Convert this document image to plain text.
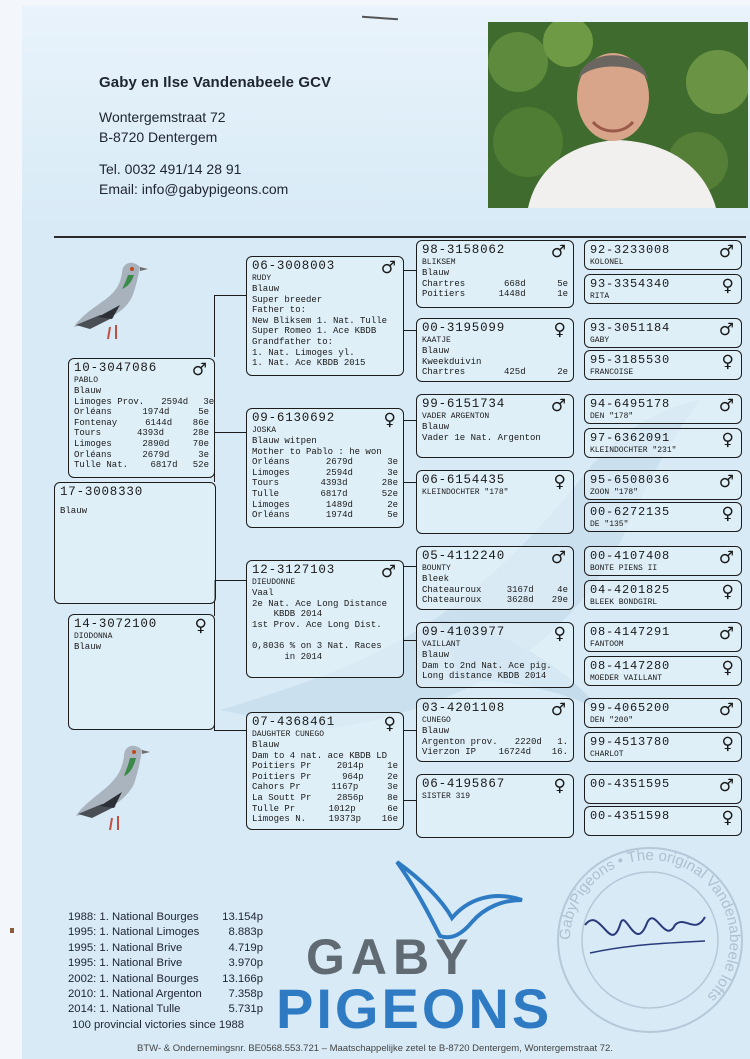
Gaby en Ilse Vandenabeele GCV
Wontergemstraat 72
B-8720 Dentergem
Tel. 0032 491/14 28 91
Email: info@gabypigeons.com
10-3047086	♂
PABLO
Blauw
Limoges Prov.	2594d	3e
Orléans	1974d	5e
Fontenay	6144d	86e
Tours	4393d	28e
Limoges	2890d	70e
Orléans	2679d	3e
Tulle Nat.	6817d	52e
17-3008330
Blauw
14-3072100	♀
DIODONNA
Blauw
06-3008003	♂
RUDY
Blauw
Super breeder
Father to:
New Bliksem 1. Nat. Tulle
Super Romeo 1. Ace KBDB
Grandfather to:
1. Nat. Limoges yl.
1. Nat. Ace KBDB 2015
09-6130692	♀
JOSKA
Blauw witpen
Mother to Pablo : he won
Orléans	2679d	3e
Limoges	2594d	3e
Tours	4393d	28e
Tulle	6817d	52e
Limoges	1489d	2e
Orléans	1974d	5e
12-3127103	♂
DIEUDONNE
Vaal
2e Nat. Ace Long Distance
KBDB 2014
1st Prov. Ace Long Dist.
0,8036 % on 3 Nat. Races
in 2014
07-4368461	♀
DAUGHTER CUNEGO
Blauw
Dam to 4 nat. ace KBDB LD
Poitiers Pr	2014p	1e
Poitiers Pr	964p	2e
Cahors Pr	1167p	3e
La Soutt Pr	2856p	8e
Tulle Pr	1012p	6e
Limoges N.	19373p	16e
98-3158062	♂
BLIKSEM
Blauw
Chartres	668d	5e
Poitiers	1448d	1e
00-3195099	♀
KAATJE
Blauw
Kweekduivin
Chartres	425d	2e
99-6151734	♂
VADER ARGENTON
Blauw
Vader 1e Nat. Argenton
06-6154435	♀
KLEINDOCHTER "178"
05-4112240	♂
BOUNTY
Bleek
Chateauroux	3167d	4e
Chateauroux	3628d	29e
09-4103977	♀
VAILLANT
Blauw
Dam to 2nd Nat. Ace pig.
Long distance KBDB 2014
03-4201108	♂
CUNEGO
Blauw
Argenton prov.	2220d	1.
Vierzon IP	16724d	16.
06-4195867	♀
SISTER 319
92-3233008	♂
KOLONEL
93-3354340	♀
RITA
93-3051184	♂
GABY
95-3185530	♀
FRANCOISE
94-6495178	♂
DEN "178"
97-6362091	♀
KLEINDOCHTER "231"
95-6508036	♂
ZOON "178"
00-6272135	♀
DE "135"
00-4107408	♂
BONTE PIENS II
04-4201825	♀
BLEEK BONDGIRL
08-4147291	♂
FANTOOM
08-4147280	♀
MOEDER VAILLANT
99-4065200	♂
DEN "200"
99-4513780	♀
CHARLOT
00-4351595	♂
00-4351598	♀
1988: 1. National Bourges	13.154p
1995: 1. National Limoges	8.883p
1995: 1. National Brive	4.719p
1995: 1. National Brive	3.970p
2002: 1. National Bourges	13.166p
2010: 1. National Argenton	7.358p
2014: 1. National Tulle	5.731p
100 provincial victories since 1988
GABY
PIGEONS
GabyPigeons • The original Vandenabeele lofts
BTW- & Ondernemingsnr. BE0568.553.721 – Maatschappelijke zetel te B-8720 Dentergem, Wontergemstraat 72.
